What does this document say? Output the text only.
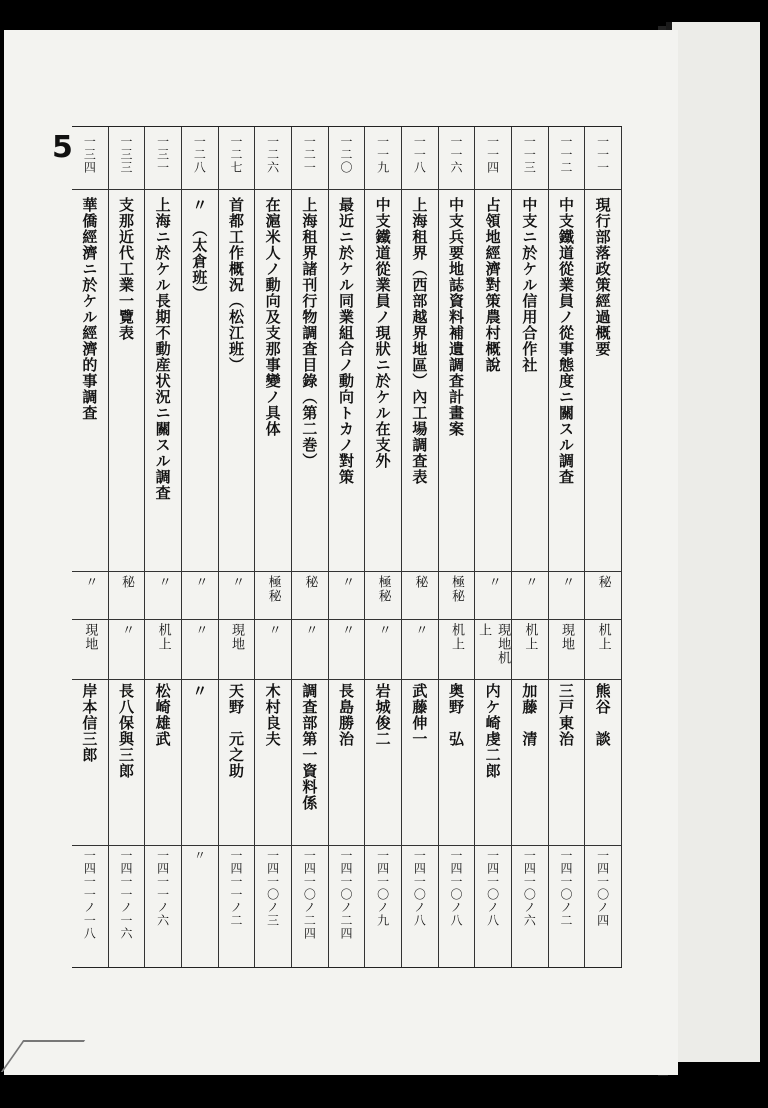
5	一一一
現行部落政策經過概要
秘
机上
熊谷　談
一四一〇ノ四
一一二
中支鐵道從業員ノ從事態度ニ關スル調査
〃
現地
三戸東治
一四一〇ノ二
一一三
中支ニ於ケル信用合作社
〃
机上
加藤　清
一四一〇ノ六
一一四
占領地經濟對策農村概說
〃
現地机上
内ケ崎虔二郎
一四一〇ノ八
一一六
中支兵要地誌資料補遺調査計畫案
極秘
机上
奥野　弘
一四一〇ノ八
一一八
上海租界（西部越界地區）內工場調査表
秘
〃
武藤伸一
一四一〇ノ八
一一九
中支鐵道從業員ノ現狀ニ於ケル在支外
極秘
〃
岩城俊二
一四一〇ノ九
一二〇
最近ニ於ケル同業組合ノ動向トカノ對策
〃
〃
長島勝治
一四一〇ノ二四
一二一
上海租界諸刊行物調査目錄（第二巻）
秘
〃
調査部第一資料係
一四一〇ノ二四
一二六
在滬米人ノ動向及支那事變ノ具体
極秘
〃
木村良夫
一四一〇ノ三
一二七
首都工作概況（松江班）
〃
現地
天野　元之助
一四一一ノ二
一二八
〃　（太倉班）
〃
〃
〃
〃
一三一
上海ニ於ケル長期不動産状況ニ關スル調査
〃
机上
松崎雄武
一四一一ノ六
一三三
支那近代工業一覽表
秘
〃
長八保與三郎
一四一一ノ一六
一三四
華僑經濟ニ於ケル經濟的事調査
〃
現地
岸本信三郎
一四一一ノ一八
